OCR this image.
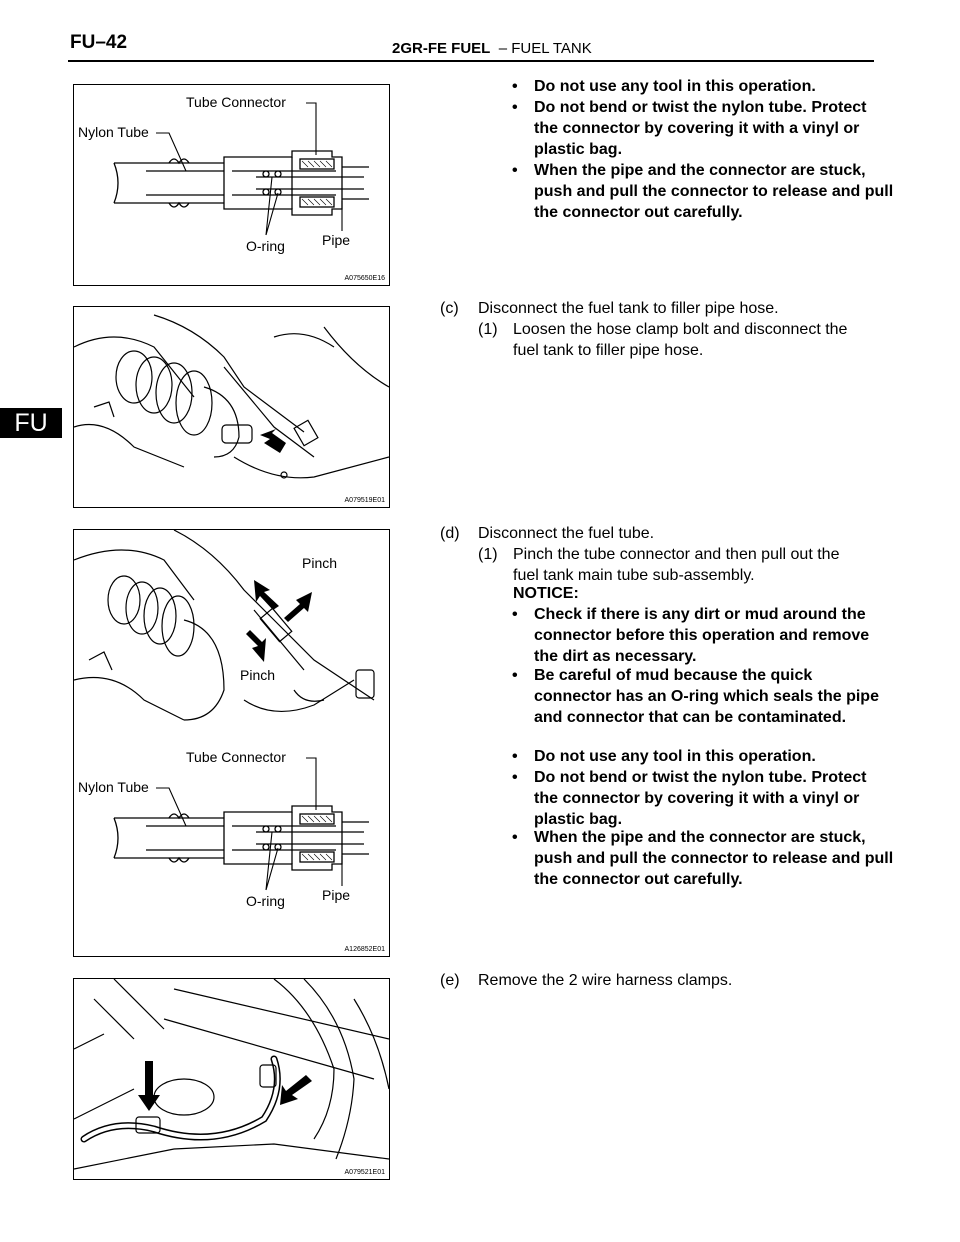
FU–42	2GR-FE FUEL – FUEL TANK
FU
Tube Connector
Nylon Tube
O-ring	Pipe
A075650E16
• Do not use any tool in this operation.
• Do not bend or twist the nylon tube. Protect the connector by covering it with a vinyl or plastic bag.
• When the pipe and the connector are stuck, push and pull the connector to release and pull the connector out carefully.
A079519E01
(c) Disconnect the fuel tank to filler pipe hose.
(1) Loosen the hose clamp bolt and disconnect the fuel tank to filler pipe hose.
Pinch
Pinch
Tube Connector
Nylon Tube
O-ring	Pipe
A126852E01
(d) Disconnect the fuel tube.
(1) Pinch the tube connector and then pull out the fuel tank main tube sub-assembly.
NOTICE:
• Check if there is any dirt or mud around the connector before this operation and remove the dirt as necessary.
• Be careful of mud because the quick connector has an O-ring which seals the pipe and connector that can be contaminated.
• Do not use any tool in this operation.
• Do not bend or twist the nylon tube. Protect the connector by covering it with a vinyl or plastic bag.
• When the pipe and the connector are stuck, push and pull the connector to release and pull the connector out carefully.
A079521E01
(e) Remove the 2 wire harness clamps.
